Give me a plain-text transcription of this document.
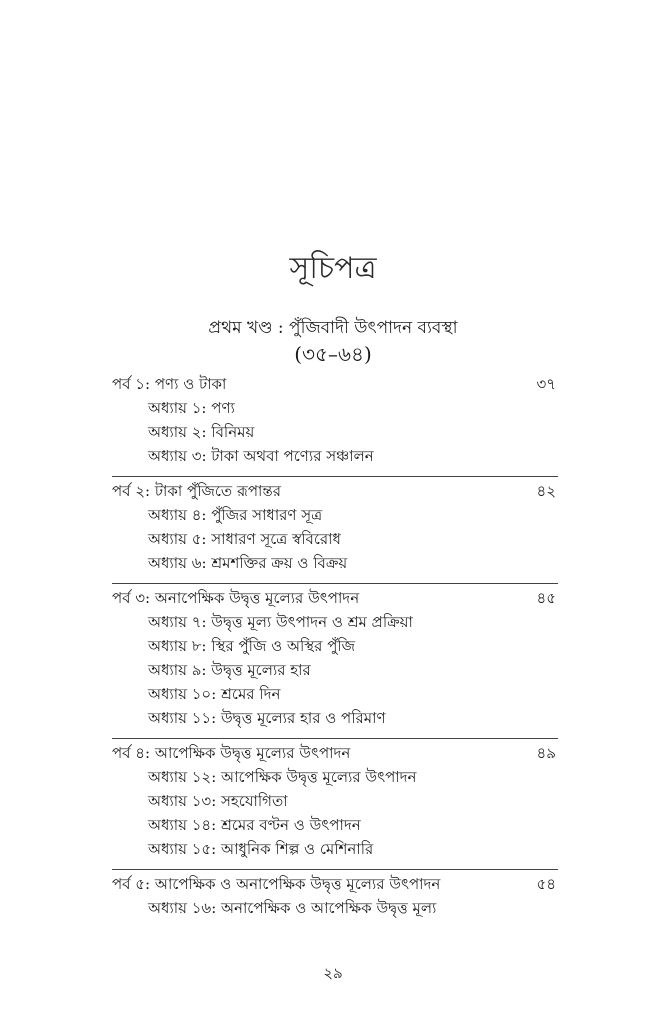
সূচিপত্র
প্রথম খণ্ড : পুঁজিবাদী উৎপাদন ব্যবস্থা
(৩৫–৬৪)
পর্ব ১: পণ্য ও টাকা	৩৭
অধ্যায় ১: পণ্য
অধ্যায় ২: বিনিময়
অধ্যায় ৩: টাকা অথবা পণ্যের সঞ্চালন
পর্ব ২: টাকা পুঁজিতে রূপান্তর	৪২
অধ্যায় ৪: পুঁজির সাধারণ সূত্র
অধ্যায় ৫: সাধারণ সূত্রে স্ববিরোধ
অধ্যায় ৬: শ্রমশক্তির ক্রয় ও বিক্রয়
পর্ব ৩: অনাপেক্ষিক উদ্বৃত্ত মূল্যের উৎপাদন	৪৫
অধ্যায় ৭: উদ্বৃত্ত মূল্য উৎপাদন ও শ্রম প্রক্রিয়া
অধ্যায় ৮: স্থির পুঁজি ও অস্থির পুঁজি
অধ্যায় ৯: উদ্বৃত্ত মূল্যের হার
অধ্যায় ১০: শ্রমের দিন
অধ্যায় ১১: উদ্বৃত্ত মূল্যের হার ও পরিমাণ
পর্ব ৪: আপেক্ষিক উদ্বৃত্ত মূল্যের উৎপাদন	৪৯
অধ্যায় ১২: আপেক্ষিক উদ্বৃত্ত মূল্যের উৎপাদন
অধ্যায় ১৩: সহযোগিতা
অধ্যায় ১৪: শ্রমের বণ্টন ও উৎপাদন
অধ্যায় ১৫: আধুনিক শিল্প ও মেশিনারি
পর্ব ৫: আপেক্ষিক ও অনাপেক্ষিক উদ্বৃত্ত মূল্যের উৎপাদন	৫৪
অধ্যায় ১৬: অনাপেক্ষিক ও আপেক্ষিক উদ্বৃত্ত মূল্য
২৯
